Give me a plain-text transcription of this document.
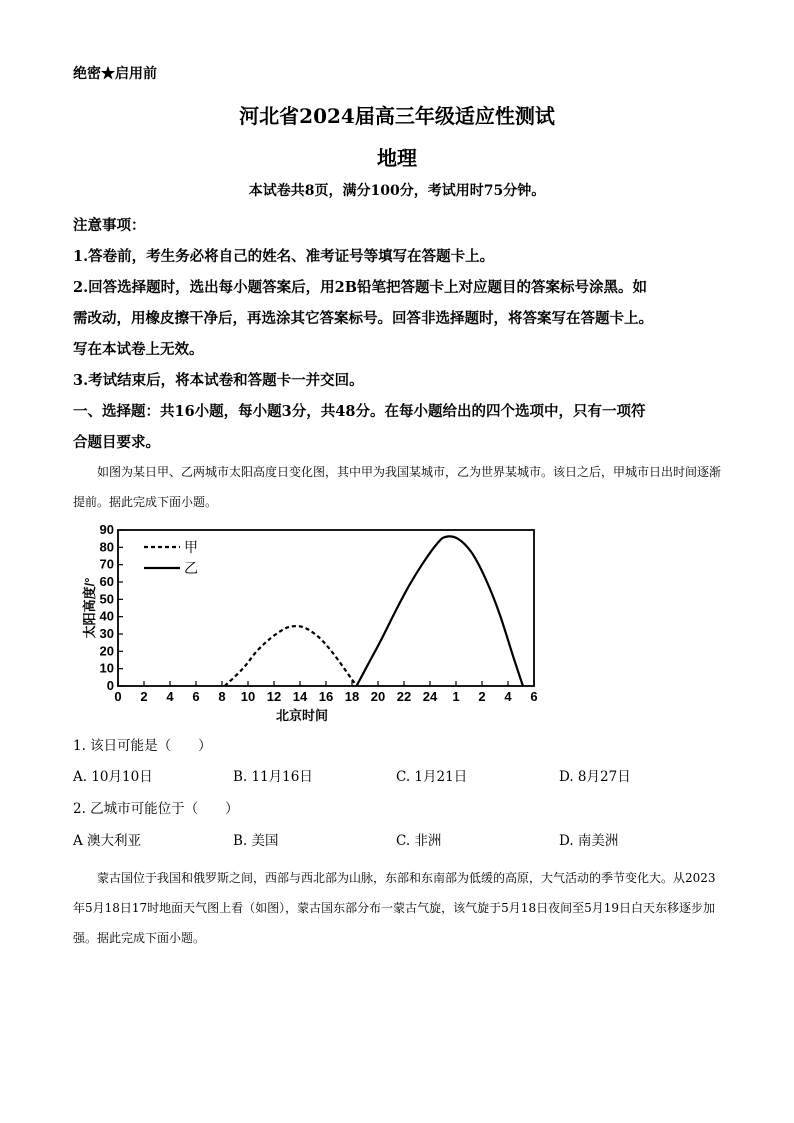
绝密★启用前
河北省2024届高三年级适应性测试
地理
本试卷共8页，满分100分，考试用时75分钟。
注意事项：
1.答卷前，考生务必将自己的姓名、准考证号等填写在答题卡上。
2.回答选择题时，选出每小题答案后，用2B铅笔把答题卡上对应题目的答案标号涂黑。如
需改动，用橡皮擦干净后，再选涂其它答案标号。回答非选择题时，将答案写在答题卡上。
写在本试卷上无效。
3.考试结束后，将本试卷和答题卡一并交回。
一、选择题：共16小题，每小题3分，共48分。在每小题给出的四个选项中，只有一项符
合题目要求。
如图为某日甲、乙两城市太阳高度日变化图，其中甲为我国某城市，乙为世界某城市。该日之后，甲城市日出时间逐渐提前。据此完成下面小题。
0
10
20
30
40
50
60
70
80
90
0 2 4 6 8 10 12 14 16 18 20 22 24 1 2 4 6
北京时间
太阳高度/°
甲
乙
1. 该日可能是（　　）
A. 10月10日	B. 11月16日	C. 1月21日	D. 8月27日
2. 乙城市可能位于（　　）
A 澳大利亚	B. 美国	C. 非洲	D. 南美洲
蒙古国位于我国和俄罗斯之间，西部与西北部为山脉，东部和东南部为低缓的高原，大气活动的季节变化大。从2023年5月18日17时地面天气图上看（如图），蒙古国东部分布一蒙古气旋，该气旋于5月18日夜间至5月19日白天东移逐步加强。据此完成下面小题。
